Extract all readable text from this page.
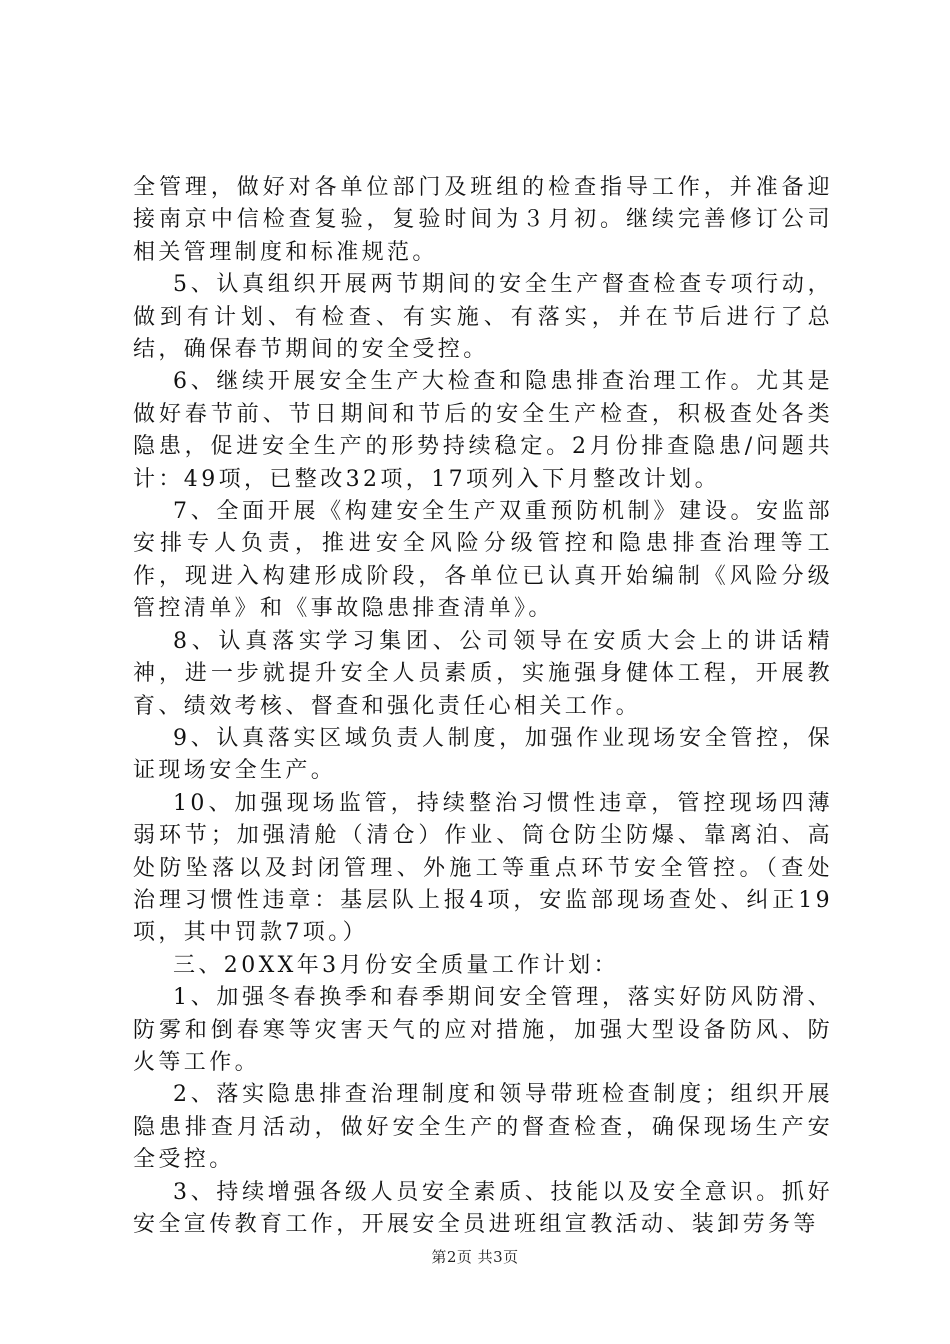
全管理，做好对各单位部门及班组的检查指导工作，并准备迎接南京中信检查复验，复验时间为３月初。继续完善修订公司相关管理制度和标准规范。

5、认真组织开展两节期间的安全生产督查检查专项行动，做到有计划、有检查、有实施、有落实，并在节后进行了总结，确保春节期间的安全受控。

6、继续开展安全生产大检查和隐患排查治理工作。尤其是做好春节前、节日期间和节后的安全生产检查，积极查处各类隐患，促进安全生产的形势持续稳定。2月份排查隐患/问题共计：49项，已整改32项，17项列入下月整改计划。

7、全面开展《构建安全生产双重预防机制》建设。安监部安排专人负责，推进安全风险分级管控和隐患排查治理等工作，现进入构建形成阶段，各单位已认真开始编制《风险分级管控清单》和《事故隐患排查清单》。

8、认真落实学习集团、公司领导在安质大会上的讲话精神，进一步就提升安全人员素质，实施强身健体工程，开展教育、绩效考核、督查和强化责任心相关工作。

9、认真落实区域负责人制度，加强作业现场安全管控，保证现场安全生产。

10、加强现场监管，持续整治习惯性违章，管控现场四薄弱环节；加强清舱（清仓）作业、筒仓防尘防爆、靠离泊、高处防坠落以及封闭管理、外施工等重点环节安全管控。（查处治理习惯性违章：基层队上报4项，安监部现场查处、纠正19项，其中罚款7项。）

三、20XX年3月份安全质量工作计划：

1、加强冬春换季和春季期间安全管理，落实好防风防滑、防雾和倒春寒等灾害天气的应对措施，加强大型设备防风、防火等工作。

2、落实隐患排查治理制度和领导带班检查制度；组织开展隐患排查月活动，做好安全生产的督查检查，确保现场生产安全受控。

3、持续增强各级人员安全素质、技能以及安全意识。抓好安全宣传教育工作，开展安全员进班组宣教活动、装卸劳务等

第2页 共3页
